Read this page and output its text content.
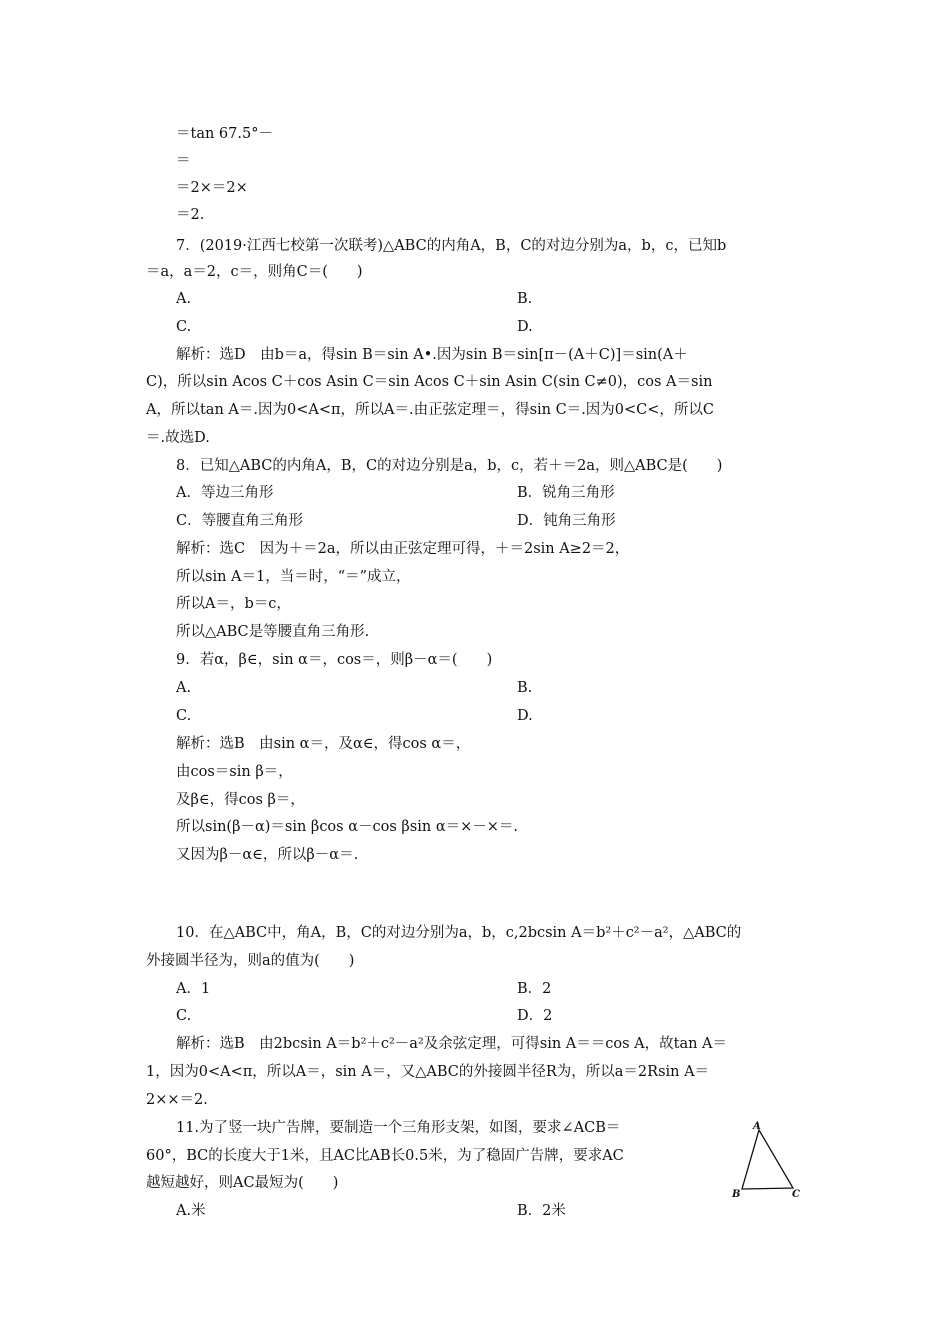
＝tan 67.5°－
＝
＝2×＝2×
＝2.
7．(2019·江西七校第一次联考)△ABC的内角A，B，C的对边分别为a，b，c，已知b
＝a，a＝2，c＝，则角C＝(　　)
A.	B.
C.	D.
解析：选D　由b＝a，得sin B＝sin A•.因为sin B＝sin[π－(A＋C)]＝sin(A＋
C)，所以sin Acos C＋cos Asin C＝sin Acos C＋sin Asin C(sin C≠0)，cos A＝sin
A，所以tan A＝.因为0<A<π，所以A＝.由正弦定理＝，得sin C＝.因为0<C<，所以C
＝.故选D.
8．已知△ABC的内角A，B，C的对边分别是a，b，c，若＋＝2a，则△ABC是(　　)
A．等边三角形	B．锐角三角形
C．等腰直角三角形	D．钝角三角形
解析：选C　因为＋＝2a，所以由正弦定理可得，＋＝2sin A≥2＝2，
所以sin A＝1，当＝时，“＝”成立，
所以A＝，b＝c，
所以△ABC是等腰直角三角形.
9．若α，β∈，sin α＝，cos＝，则β－α＝(　　)
A.	B.
C.	D.
解析：选B　由sin α＝，及α∈，得cos α＝，
由cos＝sin β＝，
及β∈，得cos β＝，
所以sin(β－α)＝sin βcos α－cos βsin α＝×－×＝.
又因为β－α∈，所以β－α＝.
10．在△ABC中，角A，B，C的对边分别为a，b，c,2bcsin A＝b²＋c²－a²，△ABC的
外接圆半径为，则a的值为(　　)
A．1	B．2
C.	D．2
解析：选B　由2bcsin A＝b²＋c²－a²及余弦定理，可得sin A＝＝cos A，故tan A＝
1，因为0<A<π，所以A＝，sin A＝，又△ABC的外接圆半径R为，所以a＝2Rsin A＝
2××＝2.
11.为了竖一块广告牌，要制造一个三角形支架，如图，要求∠ACB＝
60°，BC的长度大于1米，且AC比AB长0.5米，为了稳固广告牌，要求AC
越短越好，则AC最短为(　　)
A.米	B．2米
A
B	C
